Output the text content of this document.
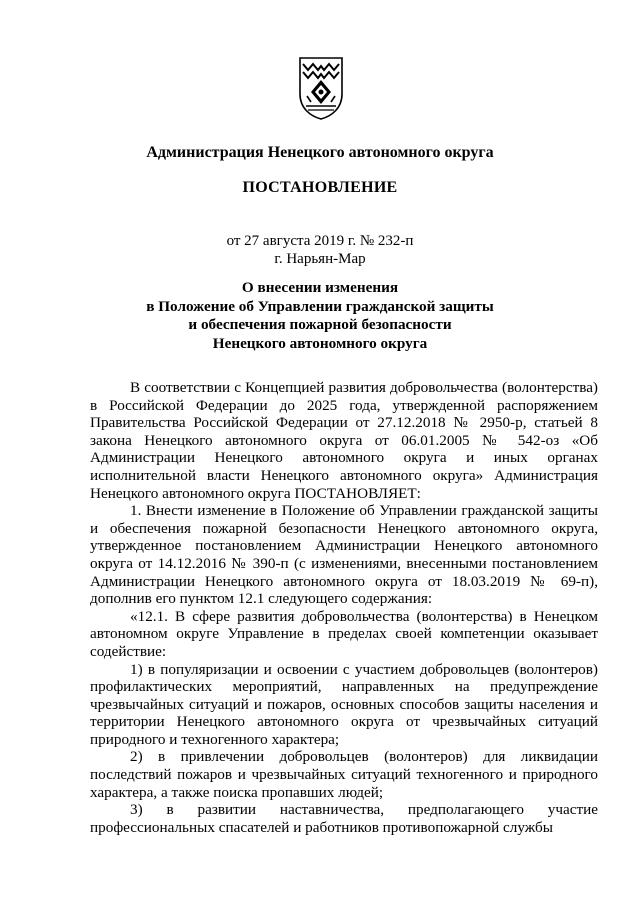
Администрация Ненецкого автономного округа
ПОСТАНОВЛЕНИЕ
от 27 августа 2019 г. № 232-п
г. Нарьян-Мар
О внесении изменения
в Положение об Управлении гражданской защиты
и обеспечения пожарной безопасности
Ненецкого автономного округа

В соответствии с Концепцией развития добровольчества (волонтерства) в Российской Федерации до 2025 года, утвержденной распоряжением Правительства Российской Федерации от 27.12.2018 № 2950-р, статьей 8 закона Ненецкого автономного округа от 06.01.2005 № 542-оз «Об Администрации Ненецкого автономного округа и иных органах исполнительной власти Ненецкого автономного округа» Администрация Ненецкого автономного округа ПОСТАНОВЛЯЕТ:

1. Внести изменение в Положение об Управлении гражданской защиты и обеспечения пожарной безопасности Ненецкого автономного округа, утвержденное постановлением Администрации Ненецкого автономного округа от 14.12.2016 № 390-п (с изменениями, внесенными постановлением Администрации Ненецкого автономного округа от 18.03.2019 № 69-п), дополнив его пунктом 12.1 следующего содержания:

«12.1. В сфере развития добровольчества (волонтерства) в Ненецком автономном округе Управление в пределах своей компетенции оказывает содействие:

1) в популяризации и освоении с участием добровольцев (волонтеров) профилактических мероприятий, направленных на предупреждение чрезвычайных ситуаций и пожаров, основных способов защиты населения и территории Ненецкого автономного округа от чрезвычайных ситуаций природного и техногенного характера;

2) в привлечении добровольцев (волонтеров) для ликвидации последствий пожаров и чрезвычайных ситуаций техногенного и природного характера, а также поиска пропавших людей;

3) в развитии наставничества, предполагающего участие профессиональных спасателей и работников противопожарной службы
